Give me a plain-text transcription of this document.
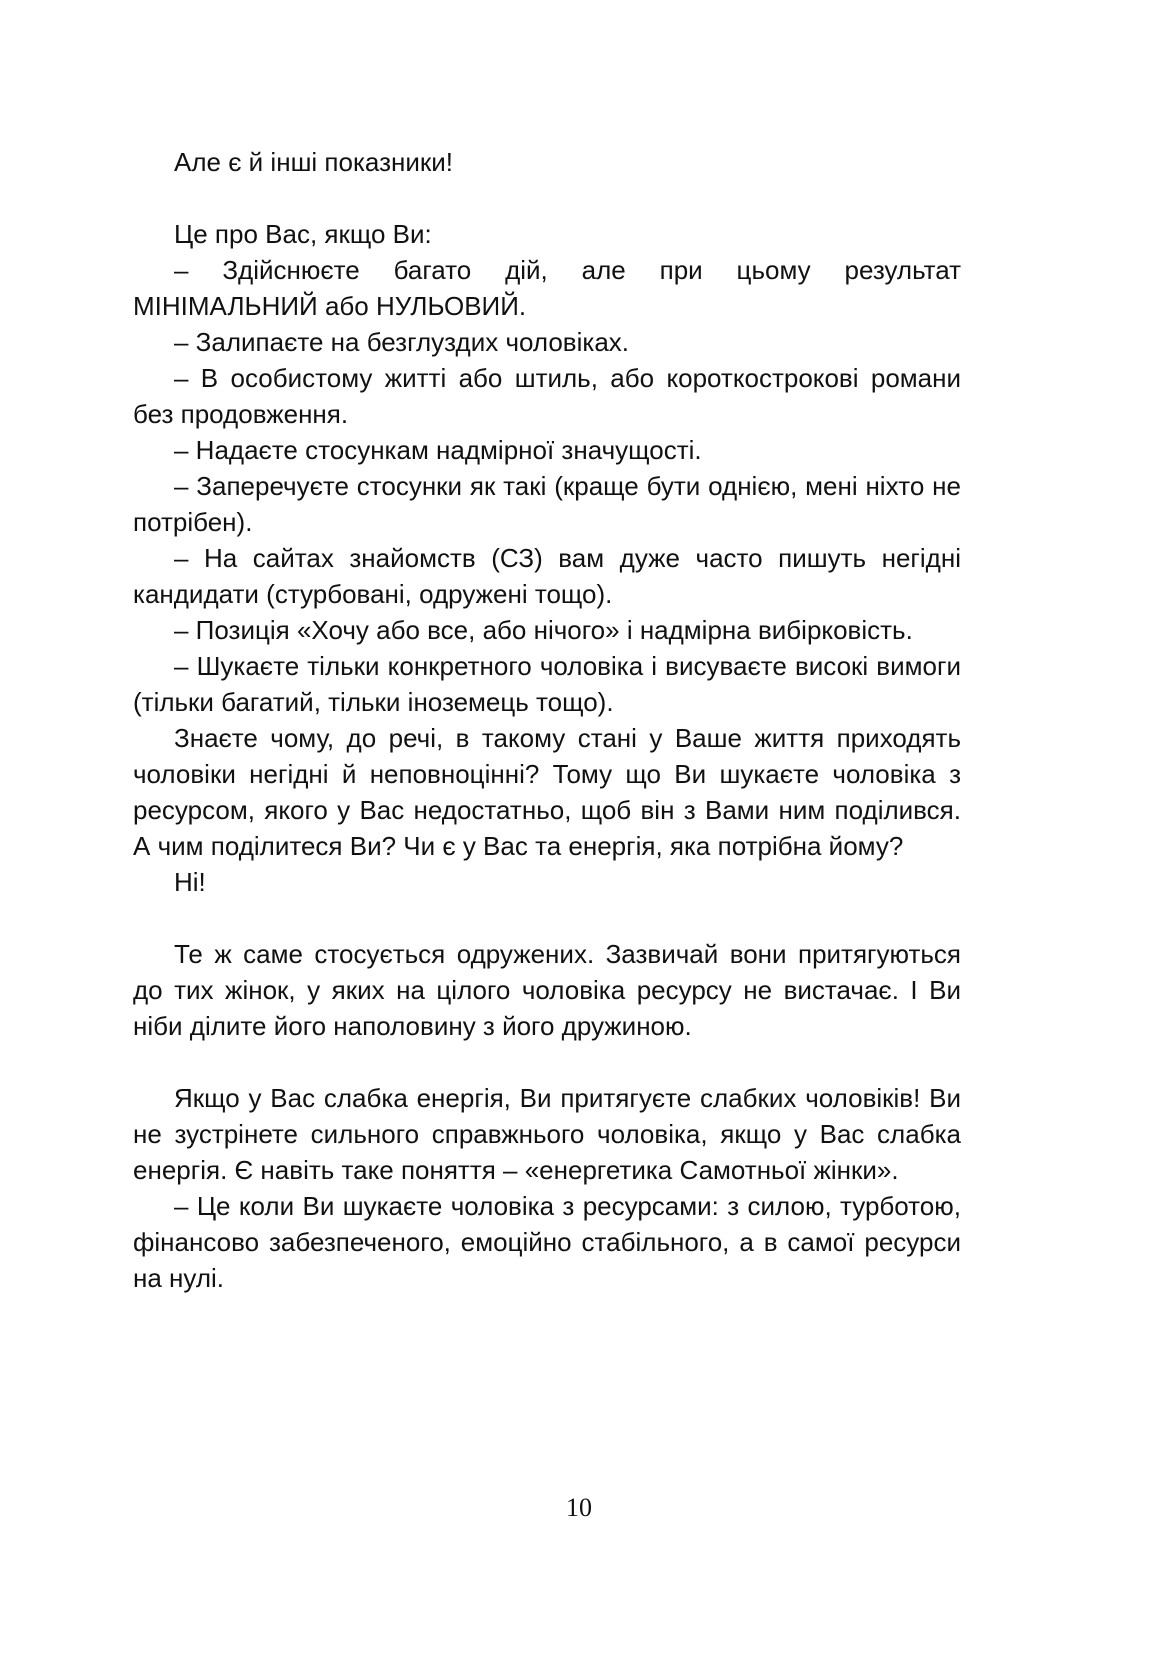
Але є й інші показники!

Це про Вас, якщо Ви:

– Здійснюєте багато дій, але при цьому результат МІНІМАЛЬНИЙ або НУЛЬОВИЙ.

– Залипаєте на безглуздих чоловіках.

– В особистому житті або штиль, або короткострокові романи без продовження.

– Надаєте стосункам надмірної значущості.

– Заперечуєте стосунки як такі (краще бути однією, мені ніхто не потрібен).

– На сайтах знайомств (СЗ) вам дуже часто пишуть негідні кандидати (стурбовані, одружені тощо).

– Позиція «Хочу або все, або нічого» і надмірна вибірковість.

– Шукаєте тільки конкретного чоловіка і висуваєте високі вимоги (тільки багатий, тільки іноземець тощо).

Знаєте чому, до речі, в такому стані у Ваше життя приходять чоловіки негідні й неповноцінні? Тому що Ви шукаєте чоловіка з ресурсом, якого у Вас недостатньо, щоб він з Вами ним поділився. А чим поділитеся Ви? Чи є у Вас та енергія, яка потрібна йому?

Ні!

Те ж саме стосується одружених. Зазвичай вони притягуються до тих жінок, у яких на цілого чоловіка ресурсу не вистачає. І Ви ніби ділите його наполовину з його дружиною.

Якщо у Вас слабка енергія, Ви притягуєте слабких чоловіків! Ви не зустрінете сильного справжнього чоловіка, якщо у Вас слабка енергія. Є навіть таке поняття – «енергетика Самотньої жінки».

– Це коли Ви шукаєте чоловіка з ресурсами: з силою, турботою, фінансово забезпеченого, емоційно стабільного, а в самої ресурси на нулі.

10
